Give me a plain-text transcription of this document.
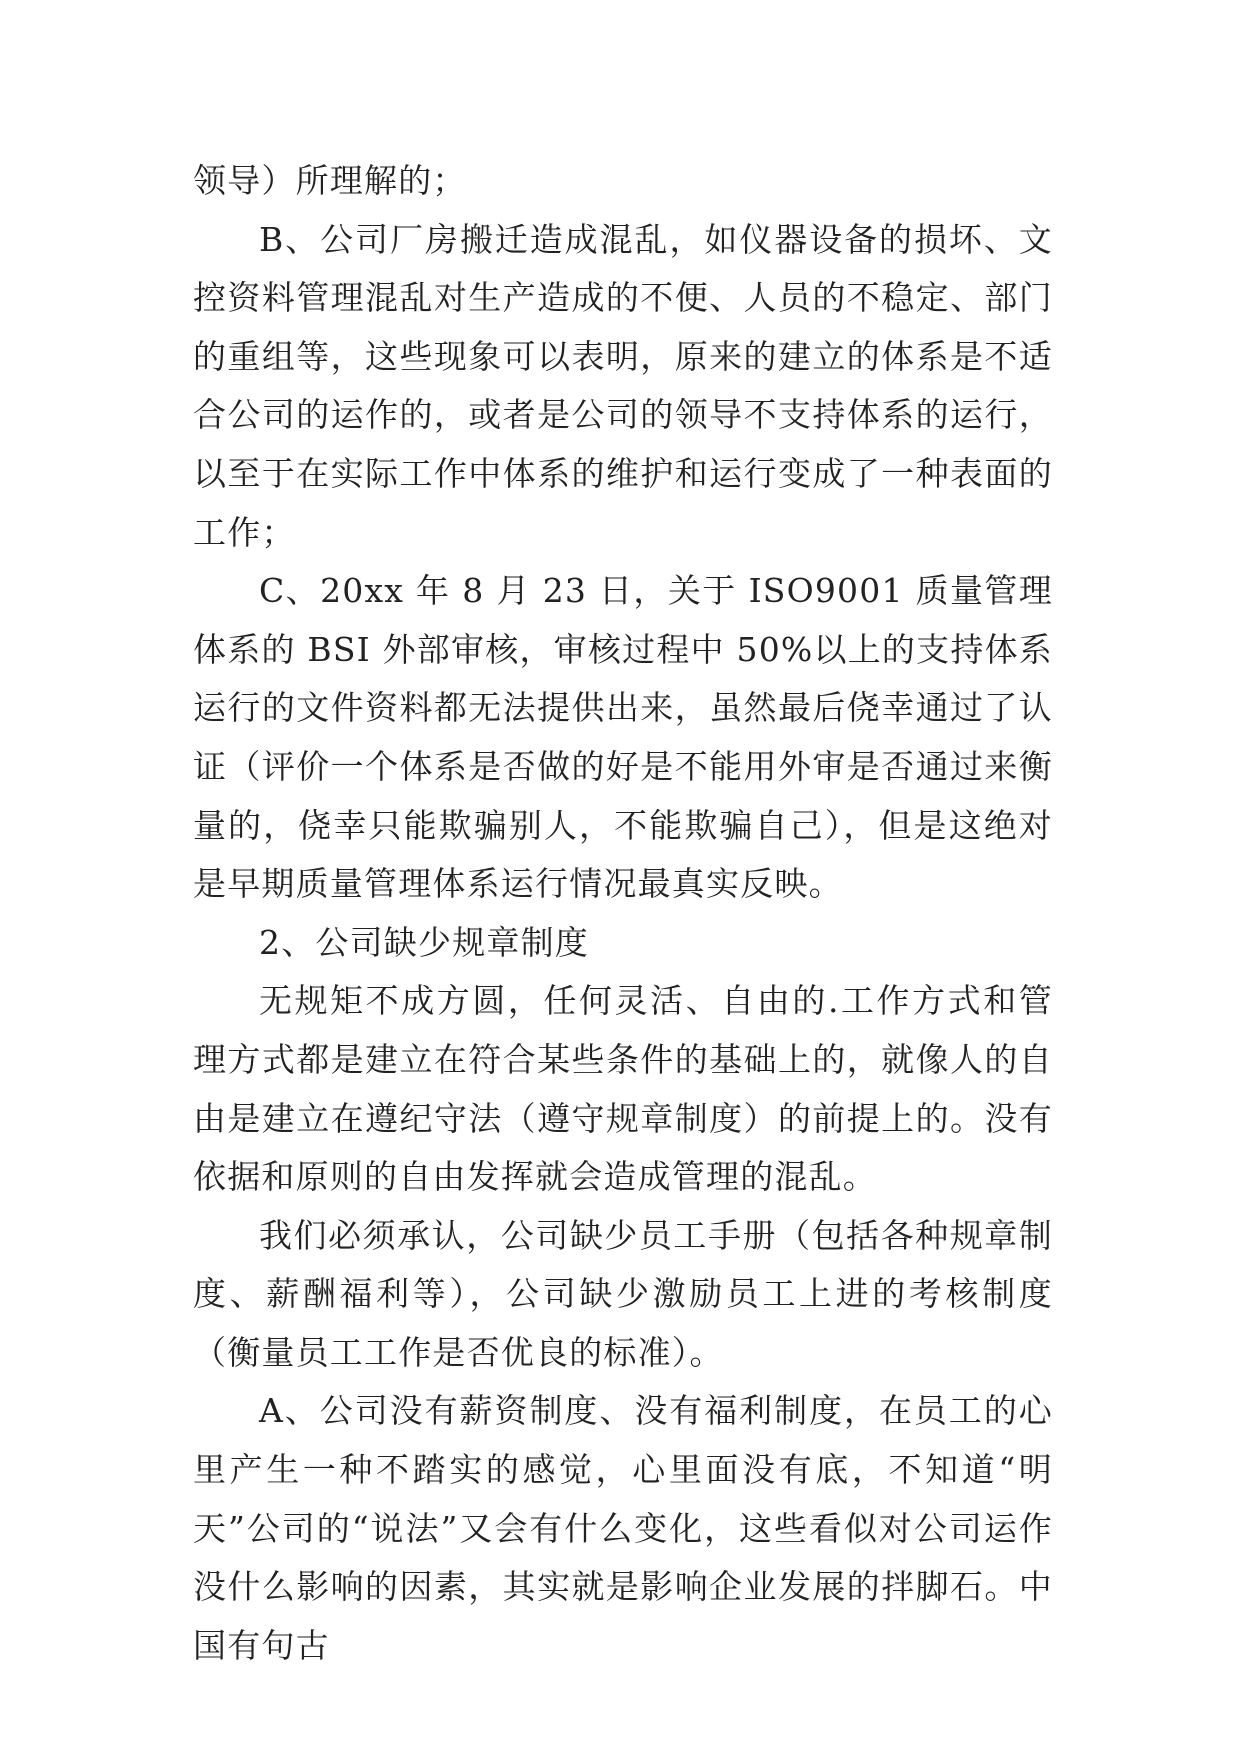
领导）所理解的；

B、公司厂房搬迁造成混乱，如仪器设备的损坏、文控资料管理混乱对生产造成的不便、人员的不稳定、部门的重组等，这些现象可以表明，原来的建立的体系是不适合公司的运作的，或者是公司的领导不支持体系的运行，以至于在实际工作中体系的维护和运行变成了一种表面的工作；

C、20xx 年 8 月 23 日，关于 ISO9001 质量管理体系的 BSI 外部审核，审核过程中 50%以上的支持体系运行的文件资料都无法提供出来，虽然最后侥幸通过了认证（评价一个体系是否做的好是不能用外审是否通过来衡量的，侥幸只能欺骗别人，不能欺骗自己），但是这绝对是早期质量管理体系运行情况最真实反映。

2、公司缺少规章制度

无规矩不成方圆，任何灵活、自由的.工作方式和管理方式都是建立在符合某些条件的基础上的，就像人的自由是建立在遵纪守法（遵守规章制度）的前提上的。没有依据和原则的自由发挥就会造成管理的混乱。

我们必须承认，公司缺少员工手册（包括各种规章制度、薪酬福利等），公司缺少激励员工上进的考核制度（衡量员工工作是否优良的标准）。

A、公司没有薪资制度、没有福利制度，在员工的心里产生一种不踏实的感觉，心里面没有底，不知道“明天”公司的“说法”又会有什么变化，这些看似对公司运作没什么影响的因素，其实就是影响企业发展的拌脚石。中国有句古
